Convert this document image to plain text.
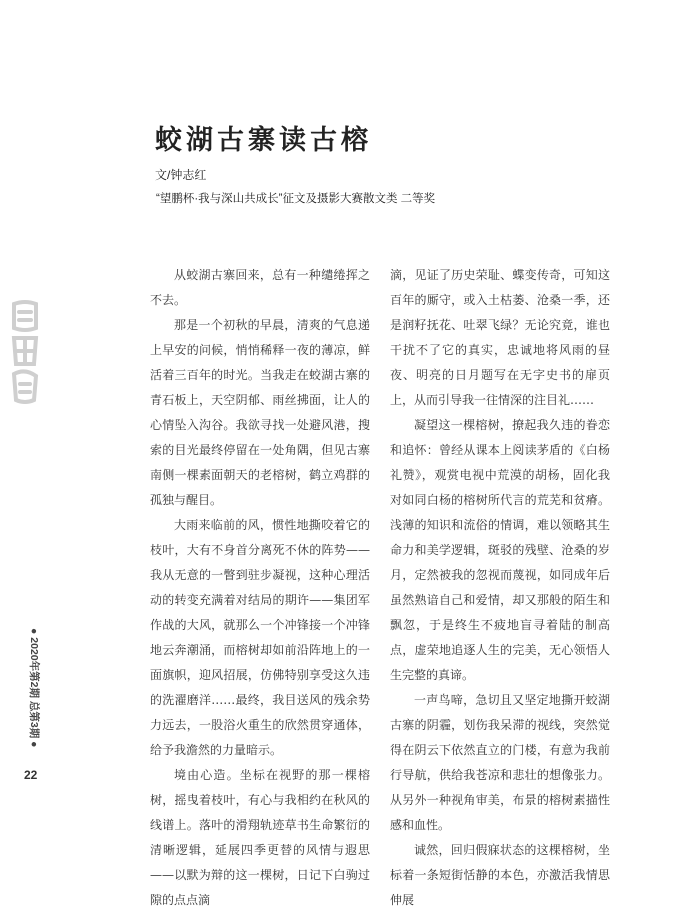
蛟湖古寨读古榕
文/钟志红
“望鹏杯·我与深山共成长”征文及摄影大赛散文类 二等奖

从蛟湖古寨回来，总有一种缱绻挥之不去。

那是一个初秋的早晨，清爽的气息递上早安的问候，悄悄稀释一夜的薄凉，鲜活着三百年的时光。当我走在蛟湖古寨的青石板上，天空阴郁、雨丝拂面，让人的心情坠入沟谷。我欲寻找一处避风港，搜索的目光最终停留在一处角隅，但见古寨南侧一棵素面朝天的老榕树，鹤立鸡群的孤独与醒目。

大雨来临前的风，惯性地撕咬着它的枝叶，大有不身首分离死不休的阵势——我从无意的一瞥到驻步凝视，这种心理活动的转变充满着对结局的期许——集团军作战的大风，就那么一个冲锋接一个冲锋地云奔潮涌，而榕树却如前沿阵地上的一面旗帜，迎风招展，仿佛特别享受这久违的洗濯磨洋……最终，我目送风的残余势力远去，一股浴火重生的欣然贯穿通体，给予我澹然的力量暗示。

境由心造。坐标在视野的那一棵榕树，摇曳着枝叶，有心与我相约在秋风的线谱上。落叶的滑翔轨迹草书生命繁衍的清晰逻辑，延展四季更替的风情与遐思——以默为辩的这一棵树，日记下白驹过隙的点点滴

滴，见证了历史荣耻、蝶变传奇，可知这百年的厮守，或入土枯萎、沧桑一季，还是润籽抚花、吐翠飞绿？无论究竟，谁也干扰不了它的真实，忠诚地将风雨的昼夜、明亮的日月题写在无字史书的扉页上，从而引导我一往情深的注目礼……

凝望这一棵榕树，撩起我久违的眷恋和追怀：曾经从课本上阅读茅盾的《白杨礼赞》，观赏电视中荒漠的胡杨，固化我对如同白杨的榕树所代言的荒芜和贫瘠。浅薄的知识和流俗的情调，难以领略其生命力和美学逻辑，斑驳的残壁、沧桑的岁月，定然被我的忽视而蔑视，如同成年后虽然熟谙自己和爱情，却又那般的陌生和飘忽，于是终生不疲地盲寻着陆的制高点，虚荣地追逐人生的完美，无心领悟人生完整的真谛。

一声鸟啼，急切且又坚定地撕开蛟湖古寨的阴霾，划伤我呆滞的视线，突然觉得在阴云下依然直立的门楼，有意为我前行导航，供给我苍凉和悲壮的想像张力。从另外一种视角审美，布景的榕树素描性感和血性。

诚然，回归假寐状态的这棵榕树，坐标着一条短街恬静的本色，亦激活我情思伸展

● 2020年第2期 总第3期 ●
22
